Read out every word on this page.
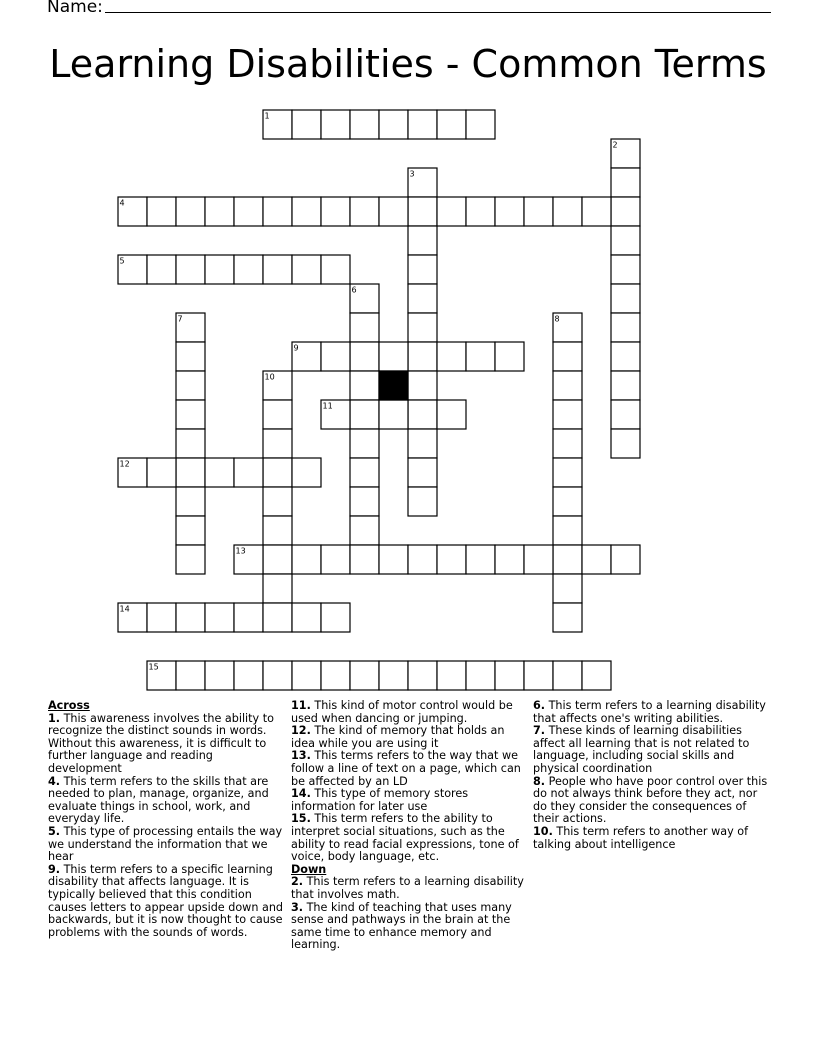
Name:
Learning Disabilities - Common Terms
1
2
3
4
5
6
7	8
9
10
11
12
13
14
15
Across
1. This awareness involves the ability to recognize the distinct sounds in words. Without this awareness, it is difficult to further language and reading development
4. This term refers to the skills that are needed to plan, manage, organize, and evaluate things in school, work, and everyday life.
5. This type of processing entails the way we understand the information that we hear
9. This term refers to a specific learning disability that affects language. It is typically believed that this condition causes letters to appear upside down and backwards, but it is now thought to cause problems with the sounds of words.
11. This kind of motor control would be used when dancing or jumping.
12. The kind of memory that holds an idea while you are using it
13. This terms refers to the way that we follow a line of text on a page, which can be affected by an LD
14. This type of memory stores information for later use
15. This term refers to the ability to interpret social situations, such as the ability to read facial expressions, tone of voice, body language, etc.
Down
2. This term refers to a learning disability that involves math.
3. The kind of teaching that uses many sense and pathways in the brain at the same time to enhance memory and learning.
6. This term refers to a learning disability that affects one's writing abilities.
7. These kinds of learning disabilities affect all learning that is not related to language, including social skills and physical coordination
8. People who have poor control over this do not always think before they act, nor do they consider the consequences of their actions.
10. This term refers to another way of talking about intelligence
